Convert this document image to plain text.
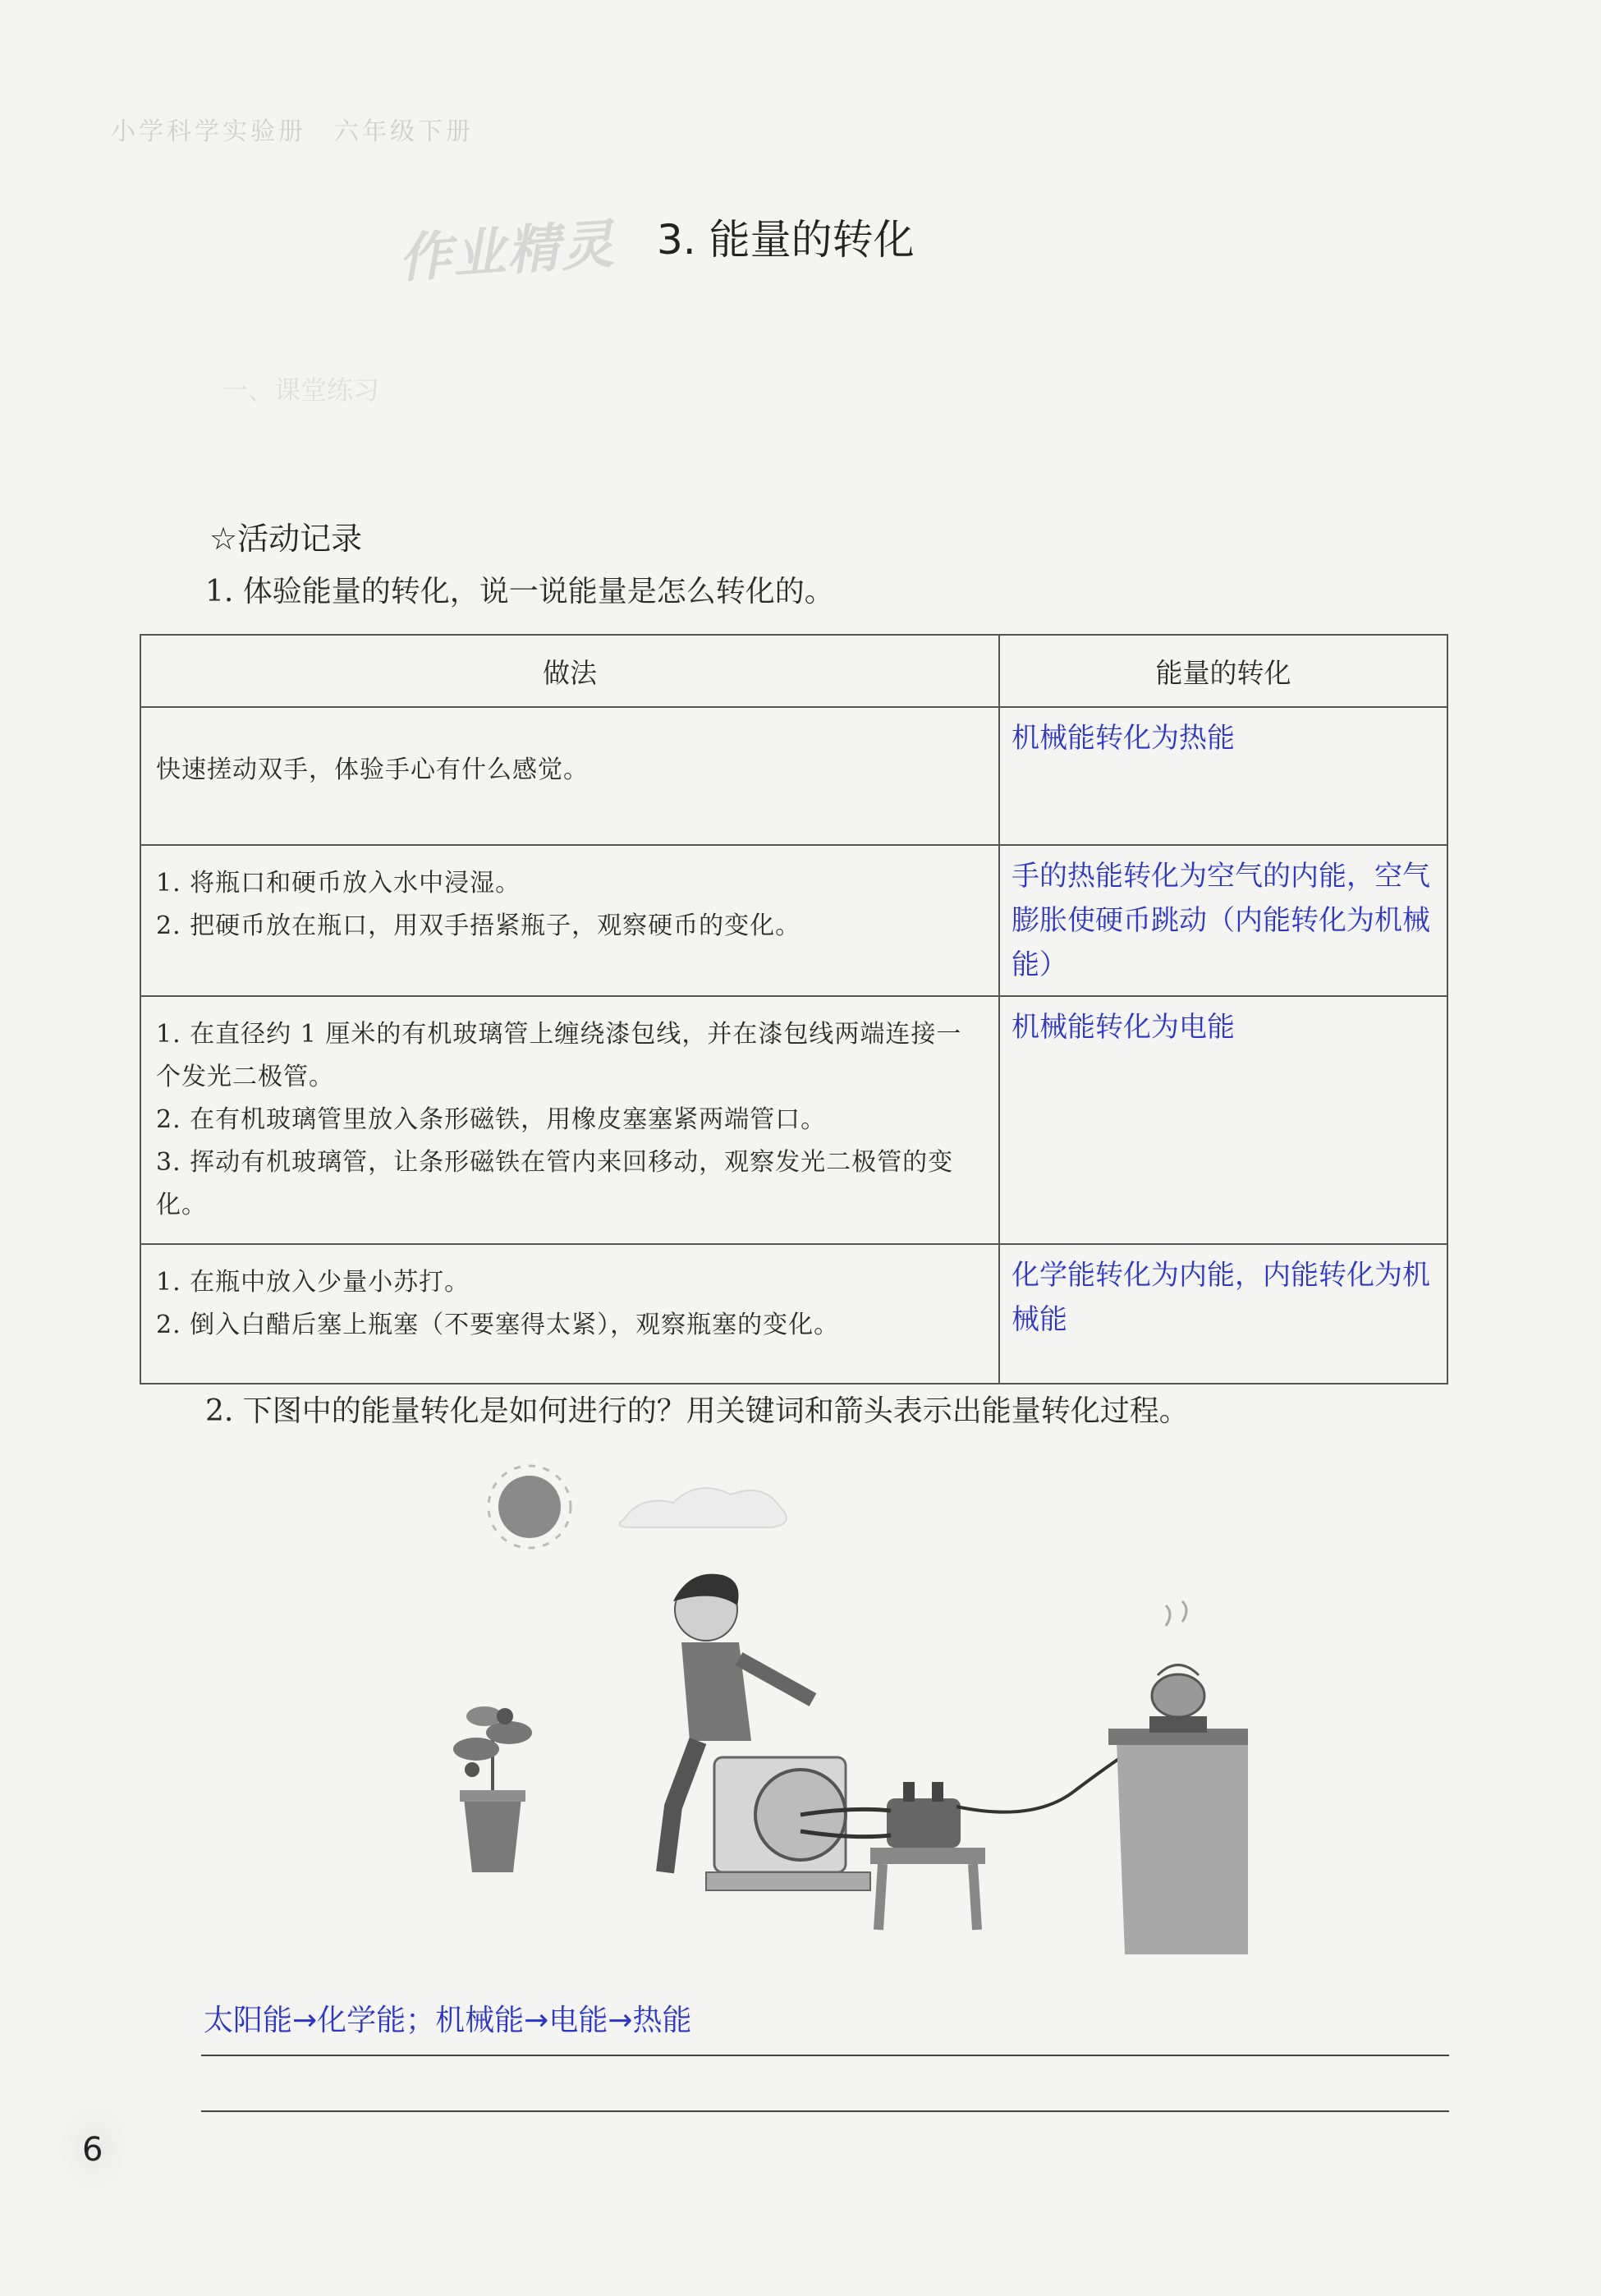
小学科学实验册　六年级下册
作业精灵 3. 能量的转化
一、课堂练习
☆活动记录
1. 体验能量的转化，说一说能量是怎么转化的。
做法	能量的转化

快速搓动双手，体验手心有什么感觉。	机械能转化为热能

1. 将瓶口和硬币放入水中浸湿。
2. 把硬币放在瓶口，用双手捂紧瓶子，观察硬币的变化。	手的热能转化为空气的内能，空气膨胀使硬币跳动（内能转化为机械能）

1. 在直径约 1 厘米的有机玻璃管上缠绕漆包线，并在漆包线两端连接一个发光二极管。
2. 在有机玻璃管里放入条形磁铁，用橡皮塞塞紧两端管口。
3. 挥动有机玻璃管，让条形磁铁在管内来回移动，观察发光二极管的变化。	机械能转化为电能

1. 在瓶中放入少量小苏打。
2. 倒入白醋后塞上瓶塞（不要塞得太紧），观察瓶塞的变化。	化学能转化为内能，内能转化为机械能
2. 下图中的能量转化是如何进行的？用关键词和箭头表示出能量转化过程。
太阳能→化学能；机械能→电能→热能
6
